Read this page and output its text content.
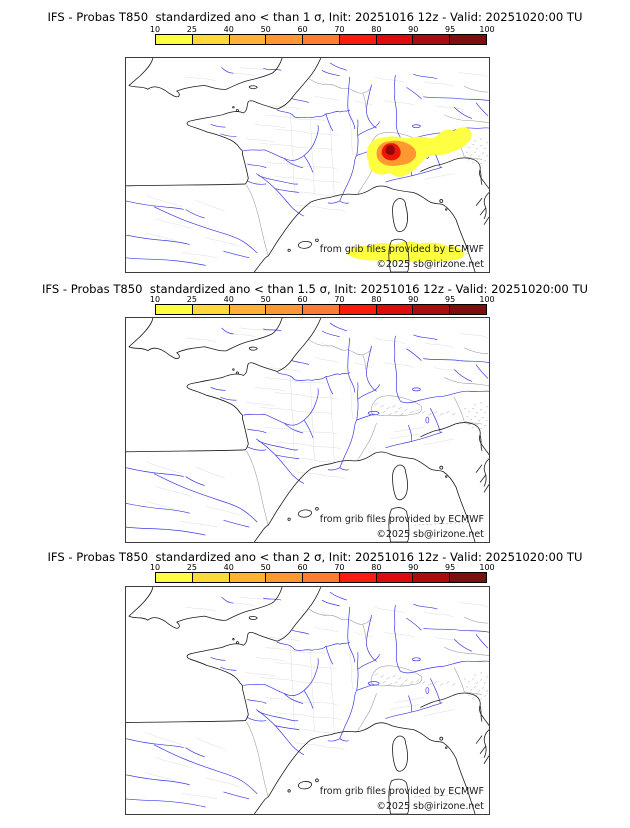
IFS - Probas T850  standardized ano < than 1 σ, Init: 20251016 12z - Valid: 20251020:00 TU
10	25	40	50	60	70	80	90	95	100
from grib files provided by ECMWF
©2025 sb@irizone.net
IFS - Probas T850  standardized ano < than 1.5 σ, Init: 20251016 12z - Valid: 20251020:00 TU
10	25	40	50	60	70	80	90	95	100
from grib files provided by ECMWF
©2025 sb@irizone.net
IFS - Probas T850  standardized ano < than 2 σ, Init: 20251016 12z - Valid: 20251020:00 TU
10	25	40	50	60	70	80	90	95	100
from grib files provided by ECMWF
©2025 sb@irizone.net
